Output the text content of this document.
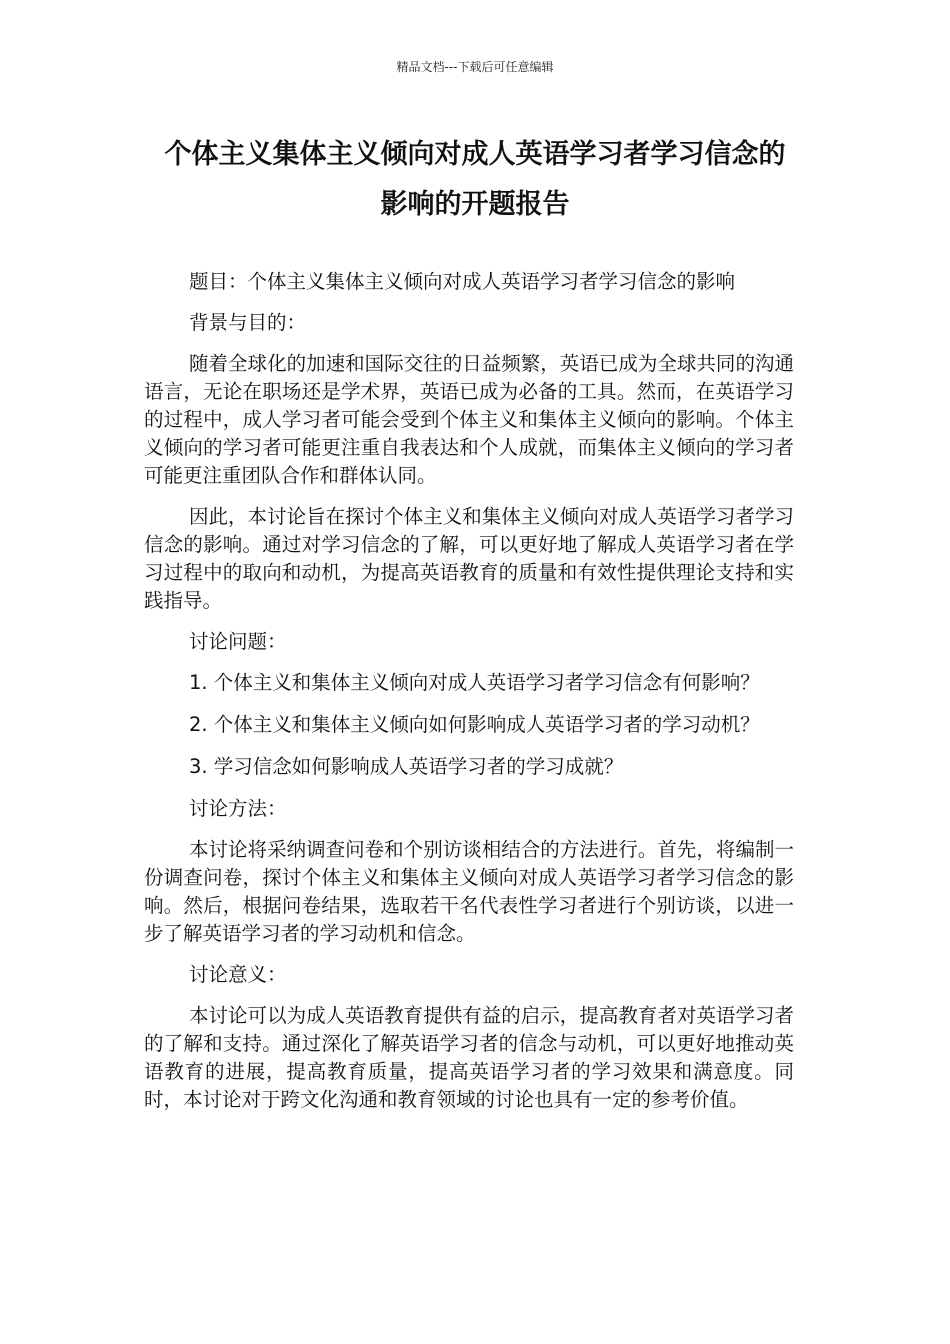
精品文档---下载后可任意编辑
个体主义集体主义倾向对成人英语学习者学习信念的
影响的开题报告

题目：个体主义集体主义倾向对成人英语学习者学习信念的影响

背景与目的：

随着全球化的加速和国际交往的日益频繁，英语已成为全球共同的沟通语言，无论在职场还是学术界，英语已成为必备的工具。然而，在英语学习的过程中，成人学习者可能会受到个体主义和集体主义倾向的影响。个体主义倾向的学习者可能更注重自我表达和个人成就，而集体主义倾向的学习者可能更注重团队合作和群体认同。

因此，本讨论旨在探讨个体主义和集体主义倾向对成人英语学习者学习信念的影响。通过对学习信念的了解，可以更好地了解成人英语学习者在学习过程中的取向和动机，为提高英语教育的质量和有效性提供理论支持和实践指导。

讨论问题：

1. 个体主义和集体主义倾向对成人英语学习者学习信念有何影响？

2. 个体主义和集体主义倾向如何影响成人英语学习者的学习动机？

3. 学习信念如何影响成人英语学习者的学习成就？

讨论方法：

本讨论将采纳调查问卷和个别访谈相结合的方法进行。首先，将编制一份调查问卷，探讨个体主义和集体主义倾向对成人英语学习者学习信念的影响。然后，根据问卷结果，选取若干名代表性学习者进行个别访谈，以进一步了解英语学习者的学习动机和信念。

讨论意义：

本讨论可以为成人英语教育提供有益的启示，提高教育者对英语学习者的了解和支持。通过深化了解英语学习者的信念与动机，可以更好地推动英语教育的进展，提高教育质量，提高英语学习者的学习效果和满意度。同时，本讨论对于跨文化沟通和教育领域的讨论也具有一定的参考价值。
